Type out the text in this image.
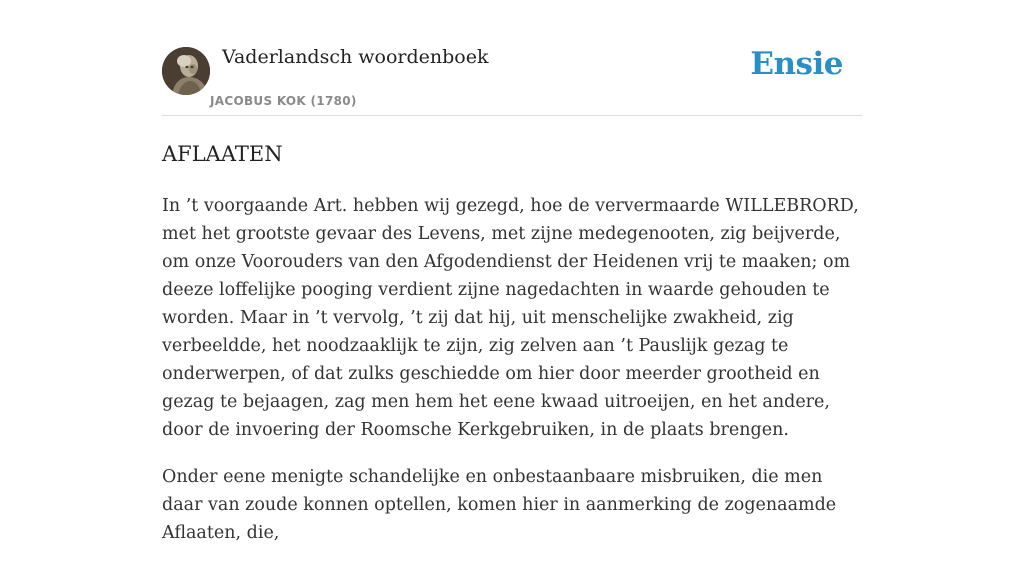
Vaderlandsch woordenboek
JACOBUS KOK (1780)
Ensie
AFLAATEN

In ’t voorgaande Art. hebben wij gezegd, hoe de ververmaarde WILLEBRORD, met het grootste gevaar des Levens, met zijne medegenooten, zig beijverde, om onze Voorouders van den Afgodendienst der Heidenen vrij te maaken; om deeze loffelijke pooging verdient zijne nagedachten in waarde gehouden te worden. Maar in ’t vervolg, ’t zij dat hij, uit menschelijke zwakheid, zig verbeeldde, het noodzaaklijk te zijn, zig zelven aan ’t Pauslijk gezag te onderwerpen, of dat zulks geschiedde om hier door meerder grootheid en gezag te bejaagen, zag men hem het eene kwaad uitroeijen, en het andere, door de invoering der Roomsche Kerkgebruiken, in de plaats brengen.

Onder eene menigte schandelijke en onbestaanbaare misbruiken, die men daar van zoude konnen optellen, komen hier in aanmerking de zogenaamde Aflaaten, die,
